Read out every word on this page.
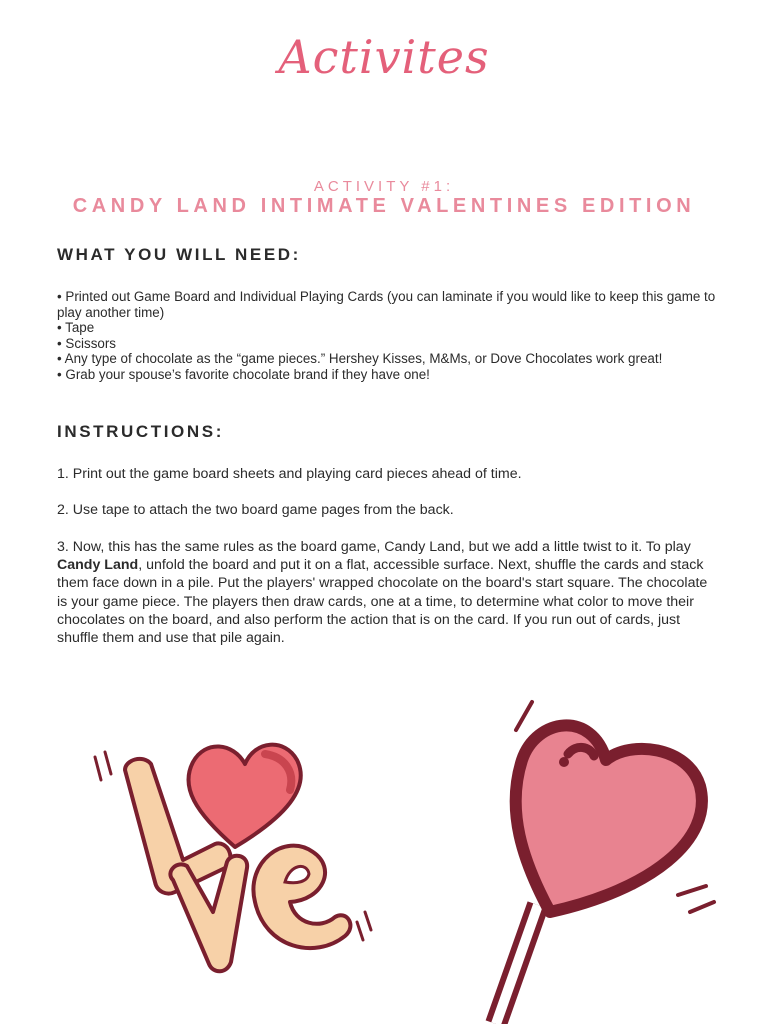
Activites
ACTIVITY #1:
CANDY LAND INTIMATE VALENTINES EDITION
WHAT YOU WILL NEED:
• Printed out Game Board and Individual Playing Cards (you can laminate if you would like to keep this game to play another time)
• Tape
• Scissors
• Any type of chocolate as the “game pieces.” Hershey Kisses, M&Ms, or Dove Chocolates work great!
• Grab your spouse’s favorite chocolate brand if they have one!
INSTRUCTIONS:
1. Print out the game board sheets and playing card pieces ahead of time.
2. Use tape to attach the two board game pages from the back.
3. Now, this has the same rules as the board game, Candy Land, but we add a little twist to it. To play Candy Land, unfold the board and put it on a flat, accessible surface. Next, shuffle the cards and stack them face down in a pile. Put the players' wrapped chocolate on the board's start square. The chocolate is your game piece. The players then draw cards, one at a time, to determine what color to move their chocolates on the board, and also perform the action that is on the card. If you run out of cards, just shuffle them and use that pile again.
